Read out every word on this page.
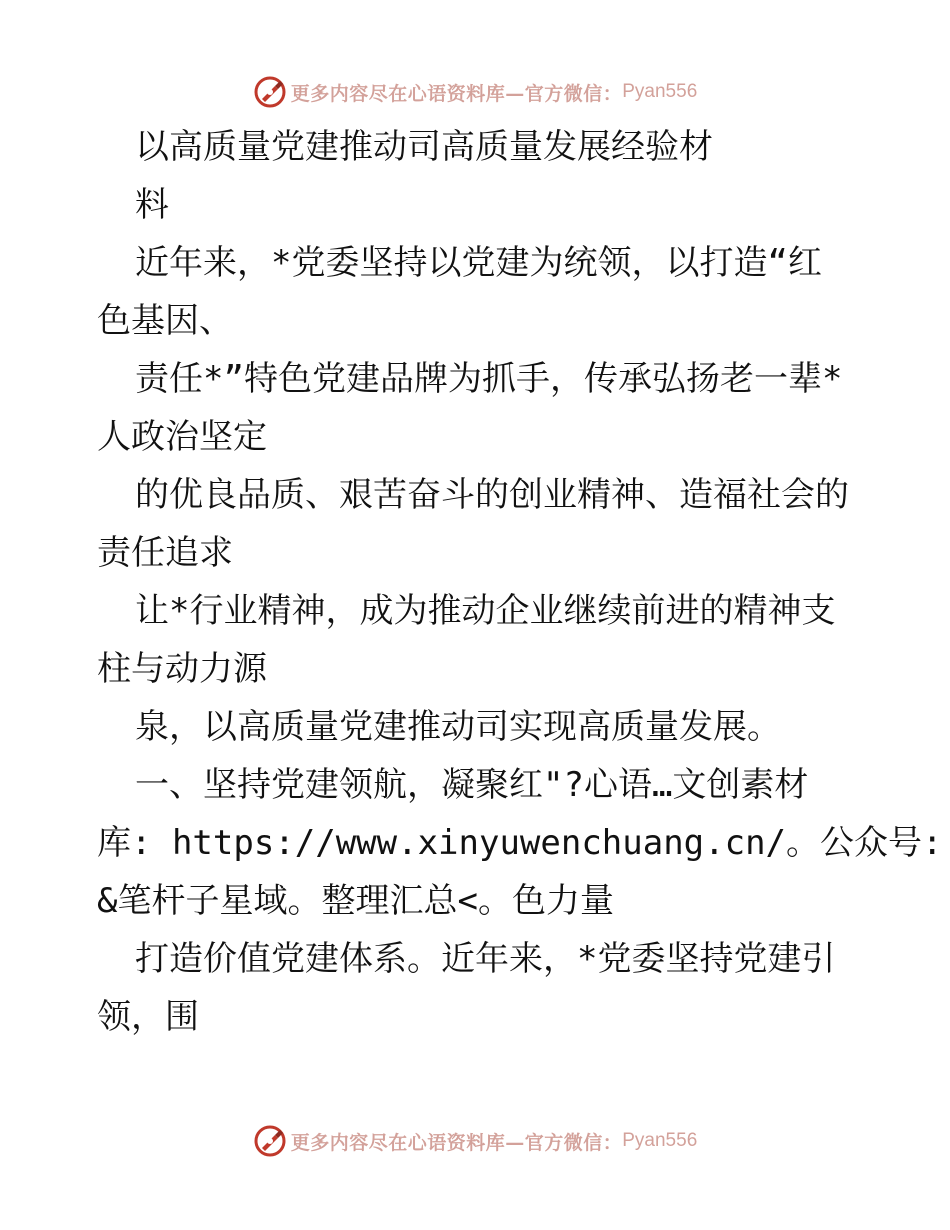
更多内容尽在心语资料库—官方微信： Pyan556
以高质量党建推动司高质量发展经验材
料
近年来，*党委坚持以党建为统领，以打造“红
色基因、
责任*”特色党建品牌为抓手，传承弘扬老一辈*
人政治坚定
的优良品质、艰苦奋斗的创业精神、造福社会的
责任追求
让*行业精神，成为推动企业继续前进的精神支
柱与动力源
泉，以高质量党建推动司实现高质量发展。
一、坚持党建领航，凝聚红"?心语…文创素材
库: https://www.xinyuwenchuang.cn/。公众号:
&笔杆子星域。整理汇总<。色力量
打造价值党建体系。近年来，*党委坚持党建引
领，围
更多内容尽在心语资料库—官方微信： Pyan556
